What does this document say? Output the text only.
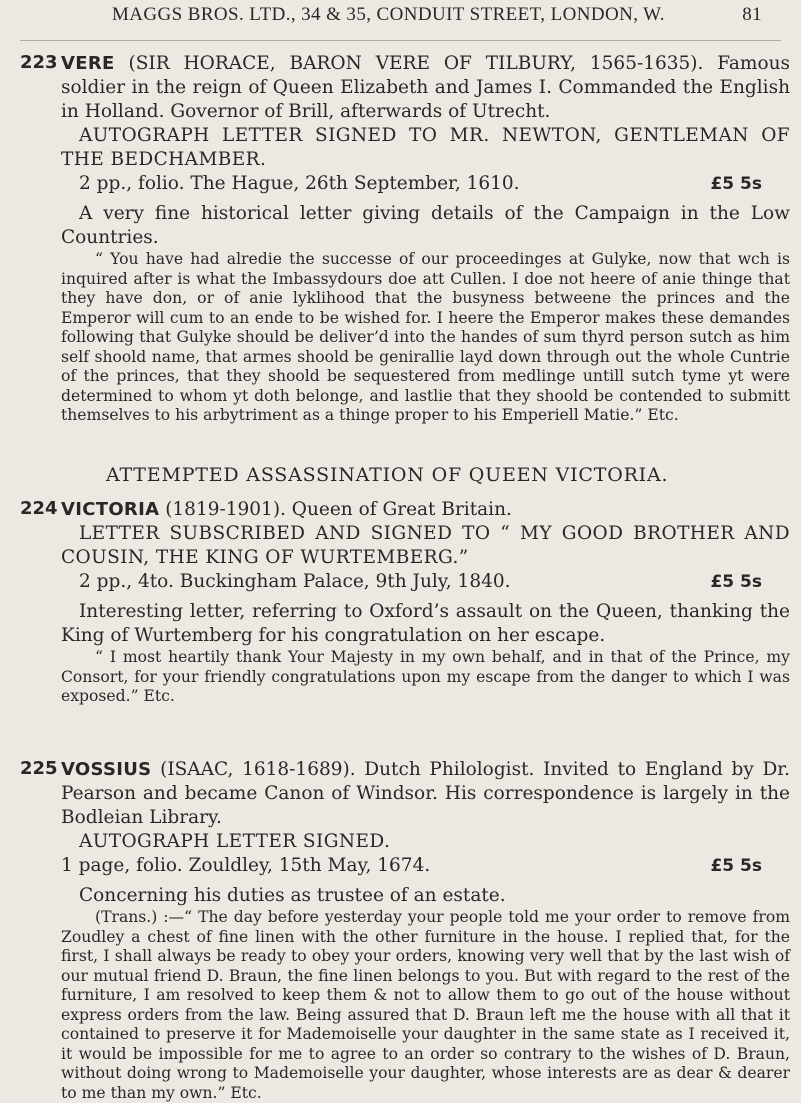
MAGGS BROS. LTD., 34 & 35, CONDUIT STREET, LONDON, W.	81
223 VERE (SIR HORACE, BARON VERE OF TILBURY, 1565-1635). Famous soldier in the reign of Queen Elizabeth and James I. Commanded the English in Holland. Governor of Brill, afterwards of Utrecht.

AUTOGRAPH LETTER SIGNED TO MR. NEWTON, GENTLEMAN OF THE BEDCHAMBER.

2 pp., folio. The Hague, 26th September, 1610.	£5 5s

A very fine historical letter giving details of the Campaign in the Low Countries.

“ You have had alredie the successe of our proceedinges at Gulyke, now that wch is inquired after is what the Imbassydours doe att Cullen. I doe not heere of anie thinge that they have don, or of anie lyklihood that the busyness betweene the princes and the Emperor will cum to an ende to be wished for. I heere the Emperor makes these demandes following that Gulyke should be deliver’d into the handes of sum thyrd person sutch as him self shoold name, that armes shoold be genirallie layd down through out the whole Cuntrie of the princes, that they shoold be sequestered from medlinge untill sutch tyme yt were determined to whom yt doth belonge, and lastlie that they shoold be contended to submitt themselves to his arbytriment as a thinge proper to his Emperiell Matie.” Etc.

ATTEMPTED ASSASSINATION OF QUEEN VICTORIA.
224 VICTORIA (1819-1901). Queen of Great Britain.

LETTER SUBSCRIBED AND SIGNED TO “ MY GOOD BROTHER AND COUSIN, THE KING OF WURTEMBERG.”

2 pp., 4to. Buckingham Palace, 9th July, 1840.	£5 5s

Interesting letter, referring to Oxford’s assault on the Queen, thanking the King of Wurtemberg for his congratulation on her escape.

“ I most heartily thank Your Majesty in my own behalf, and in that of the Prince, my Consort, for your friendly congratulations upon my escape from the danger to which I was exposed.” Etc.

225 VOSSIUS (ISAAC, 1618-1689). Dutch Philologist. Invited to England by Dr. Pearson and became Canon of Windsor. His correspondence is largely in the Bodleian Library.

AUTOGRAPH LETTER SIGNED.

1 page, folio. Zouldley, 15th May, 1674.	£5 5s

Concerning his duties as trustee of an estate.

(Trans.) :—“ The day before yesterday your people told me your order to remove from Zoudley a chest of fine linen with the other furniture in the house. I replied that, for the first, I shall always be ready to obey your orders, knowing very well that by the last wish of our mutual friend D. Braun, the fine linen belongs to you. But with regard to the rest of the furniture, I am resolved to keep them & not to allow them to go out of the house without express orders from the law. Being assured that D. Braun left me the house with all that it contained to preserve it for Mademoiselle your daughter in the same state as I received it, it would be impossible for me to agree to an order so contrary to the wishes of D. Braun, without doing wrong to Mademoiselle your daughter, whose interests are as dear & dearer to me than my own.” Etc.
